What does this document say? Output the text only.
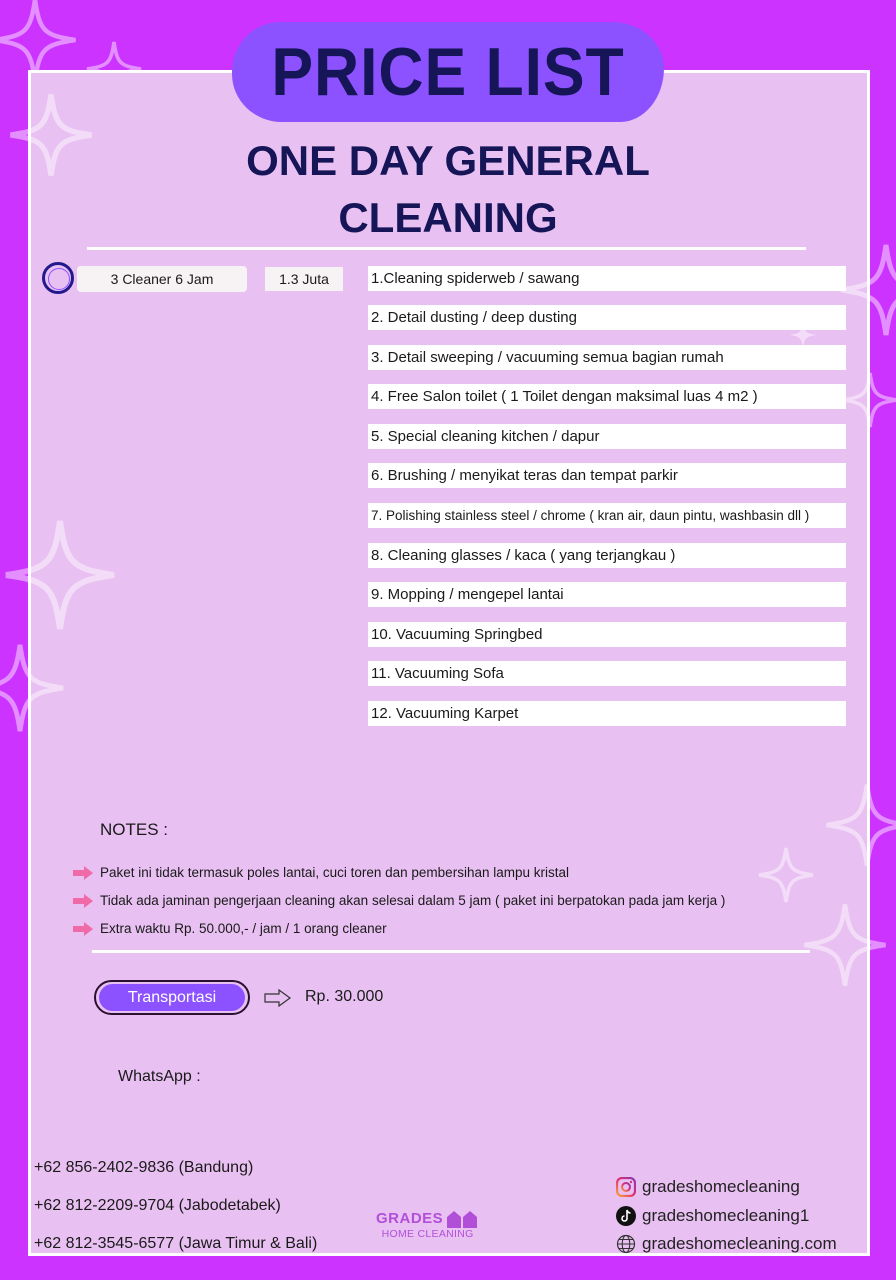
PRICE LIST
ONE DAY GENERAL
CLEANING
3 Cleaner 6 Jam	1.3 Juta	1.Cleaning spiderweb / sawang
2. Detail dusting / deep dusting
3. Detail sweeping / vacuuming semua bagian rumah
4. Free Salon toilet ( 1 Toilet dengan maksimal luas 4 m2 )
5. Special cleaning kitchen / dapur
6. Brushing / menyikat teras dan tempat parkir
7. Polishing stainless steel / chrome ( kran air, daun pintu, washbasin dll )
8. Cleaning glasses / kaca ( yang terjangkau )
9. Mopping / mengepel lantai
10. Vacuuming Springbed
11. Vacuuming Sofa
12. Vacuuming Karpet
NOTES :
Paket ini tidak termasuk poles lantai, cuci toren dan pembersihan lampu kristal
Tidak ada jaminan pengerjaan cleaning akan selesai dalam 5 jam ( paket ini berpatokan pada jam kerja )
Extra waktu Rp. 50.000,- / jam / 1 orang cleaner
Transportasi	Rp. 30.000
WhatsApp :
+62 856-2402-9836 (Bandung)
+62 812-2209-9704 (Jabodetabek)
+62 812-3545-6577 (Jawa Timur & Bali)
GRADES
HOME CLEANING
gradeshomecleaning
gradeshomecleaning1
gradeshomecleaning.com
